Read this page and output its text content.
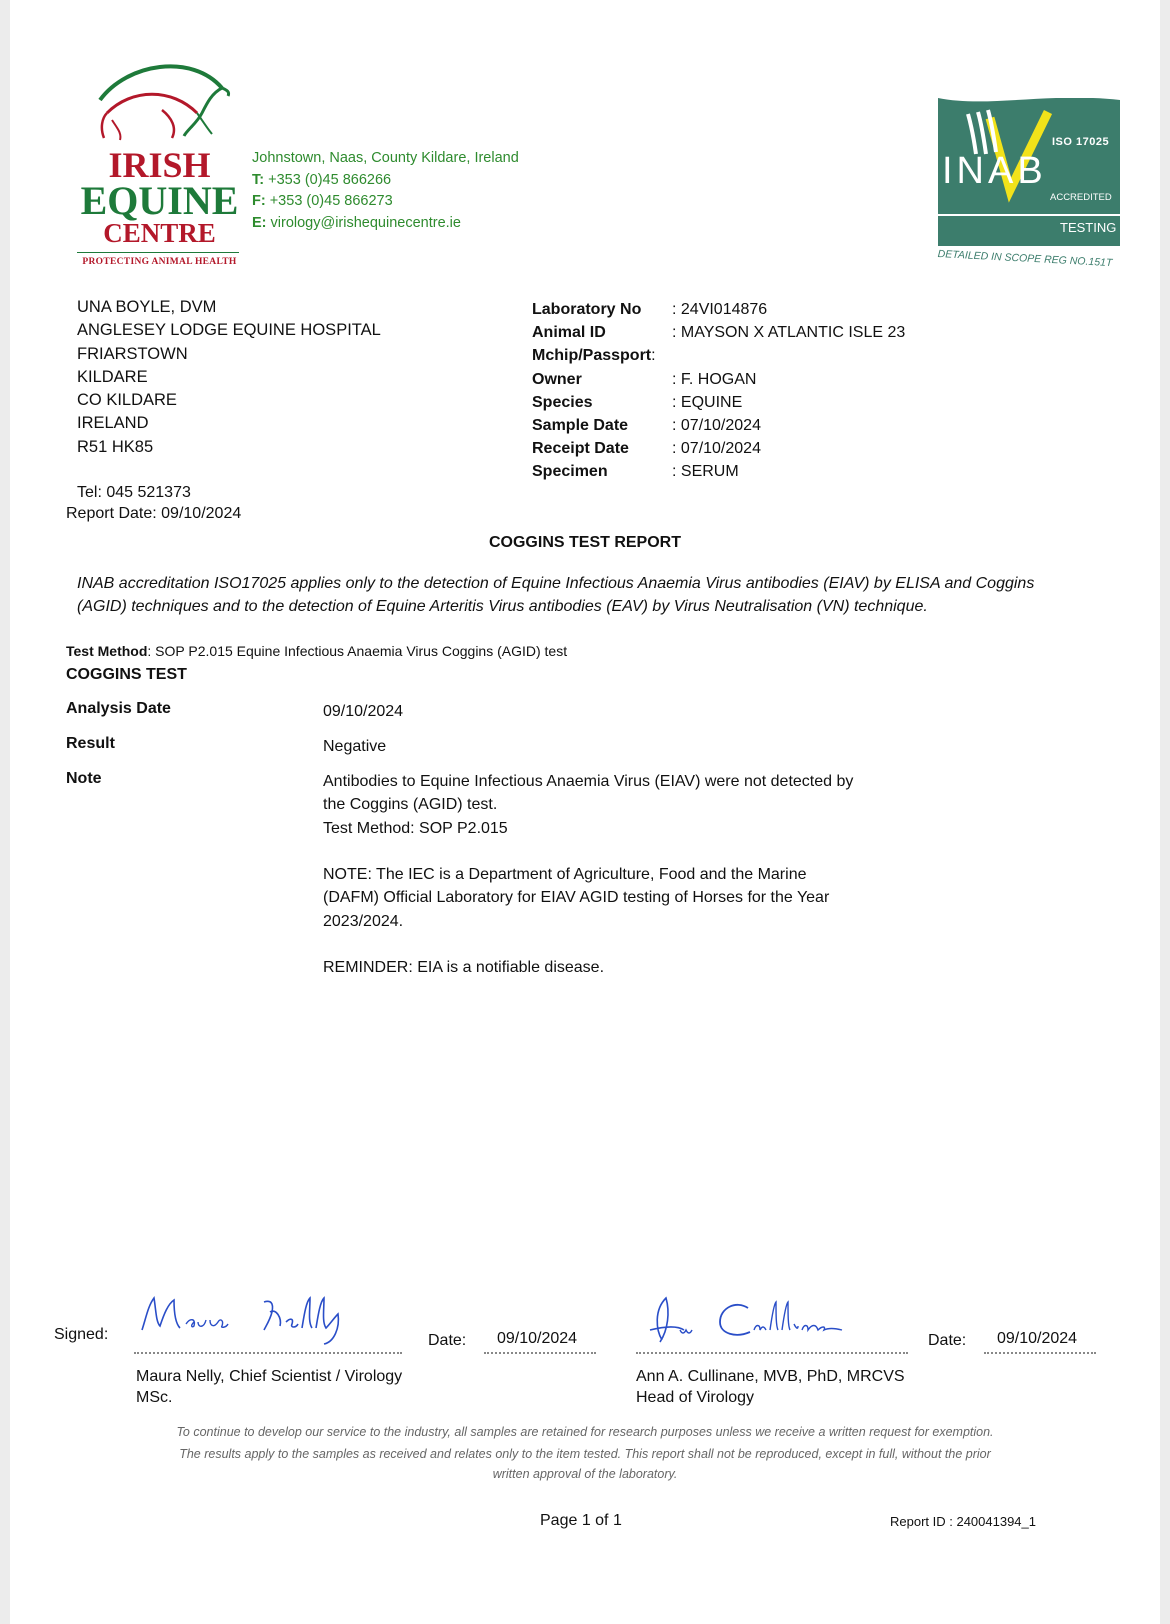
IRISH
EQUINE
CENTRE
PROTECTING ANIMAL HEALTH
Johnstown, Naas, County Kildare, Ireland
T: +353 (0)45 866266
F: +353 (0)45 866273
E: virology@irishequinecentre.ie
ISO 17025
INAB
ACCREDITED
TESTING
DETAILED IN SCOPE REG NO.151T
UNA BOYLE, DVM
ANGLESEY LODGE EQUINE HOSPITAL
FRIARSTOWN
KILDARE
CO KILDARE
IRELAND
R51 HK85
Laboratory No	: 24VI014876
Animal ID	: MAYSON X ATLANTIC ISLE 23
Mchip/Passport :
Owner	: F. HOGAN
Species	: EQUINE
Sample Date	: 07/10/2024
Receipt Date	: 07/10/2024
Specimen	: SERUM
Tel: 045 521373
Report Date: 09/10/2024
COGGINS TEST REPORT
INAB accreditation ISO17025 applies only to the detection of Equine Infectious Anaemia Virus antibodies (EIAV) by ELISA and Coggins (AGID) techniques and to the detection of Equine Arteritis Virus antibodies (EAV) by Virus Neutralisation (VN) technique.
Test Method: SOP P2.015 Equine Infectious Anaemia Virus Coggins (AGID) test
COGGINS TEST
Analysis Date	09/10/2024
Result	Negative
Note	Antibodies to Equine Infectious Anaemia Virus (EIAV) were not detected by
the Coggins (AGID) test.
Test Method: SOP P2.015
NOTE: The IEC is a Department of Agriculture, Food and the Marine
(DAFM) Official Laboratory for EIAV AGID testing of Horses for the Year
2023/2024.
REMINDER: EIA is a notifiable disease.
Signed:	Date: 09/10/2024
Maura Nelly, Chief Scientist / Virology
MSc.
Date: 09/10/2024
Ann A. Cullinane, MVB, PhD, MRCVS
Head of Virology
To continue to develop our service to the industry, all samples are retained for research purposes unless we receive a written request for exemption.
The results apply to the samples as received and relates only to the item tested. This report shall not be reproduced, except in full, without the prior
written approval of the laboratory.
Page 1 of 1	Report ID : 240041394_1
